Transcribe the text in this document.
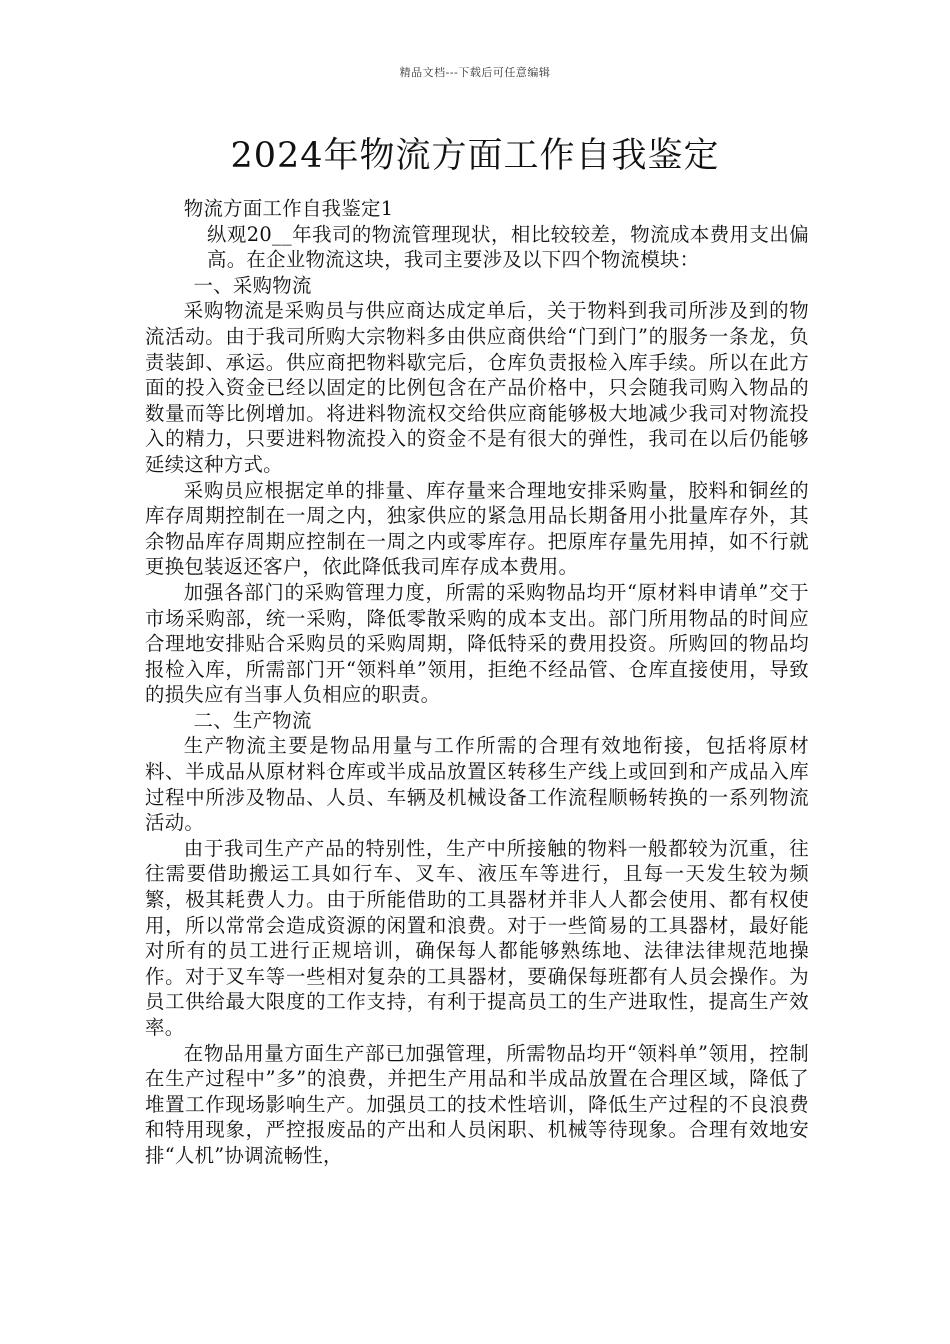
精品文档---下载后可任意编辑
2024年物流方面工作自我鉴定

物流方面工作自我鉴定1

纵观20__年我司的物流管理现状，相比较较差，物流成本费用支出偏高。在企业物流这块，我司主要涉及以下四个物流模块：

一、采购物流

采购物流是采购员与供应商达成定单后，关于物料到我司所涉及到的物流活动。由于我司所购大宗物料多由供应商供给“门到门”的服务一条龙，负责装卸、承运。供应商把物料歇完后，仓库负责报检入库手续。所以在此方面的投入资金已经以固定的比例包含在产品价格中，只会随我司购入物品的数量而等比例增加。将进料物流权交给供应商能够极大地减少我司对物流投入的精力，只要进料物流投入的资金不是有很大的弹性，我司在以后仍能够延续这种方式。

采购员应根据定单的排量、库存量来合理地安排采购量，胶料和铜丝的库存周期控制在一周之内，独家供应的紧急用品长期备用小批量库存外，其余物品库存周期应控制在一周之内或零库存。把原库存量先用掉，如不行就更换包装返还客户，依此降低我司库存成本费用。

加强各部门的采购管理力度，所需的采购物品均开“原材料申请单”交于市场采购部，统一采购，降低零散采购的成本支出。部门所用物品的时间应合理地安排贴合采购员的采购周期，降低特采的费用投资。所购回的物品均报检入库，所需部门开“领料单”领用，拒绝不经品管、仓库直接使用，导致的损失应有当事人负相应的职责。

二、生产物流

生产物流主要是物品用量与工作所需的合理有效地衔接，包括将原材料、半成品从原材料仓库或半成品放置区转移生产线上或回到和产成品入库过程中所涉及物品、人员、车辆及机械设备工作流程顺畅转换的一系列物流活动。

由于我司生产产品的特别性，生产中所接触的物料一般都较为沉重，往往需要借助搬运工具如行车、叉车、液压车等进行，且每一天发生较为频繁，极其耗费人力。由于所能借助的工具器材并非人人都会使用、都有权使用，所以常常会造成资源的闲置和浪费。对于一些简易的工具器材，最好能对所有的员工进行正规培训，确保每人都能够熟练地、法律法律规范地操作。对于叉车等一些相对复杂的工具器材，要确保每班都有人员会操作。为员工供给最大限度的工作支持，有利于提高员工的生产进取性，提高生产效率。

在物品用量方面生产部已加强管理，所需物品均开“领料单”领用，控制在生产过程中”多”的浪费，并把生产用品和半成品放置在合理区域，降低了堆置工作现场影响生产。加强员工的技术性培训，降低生产过程的不良浪费和特用现象，严控报废品的产出和人员闲职、机械等待现象。合理有效地安排“人机”协调流畅性，
